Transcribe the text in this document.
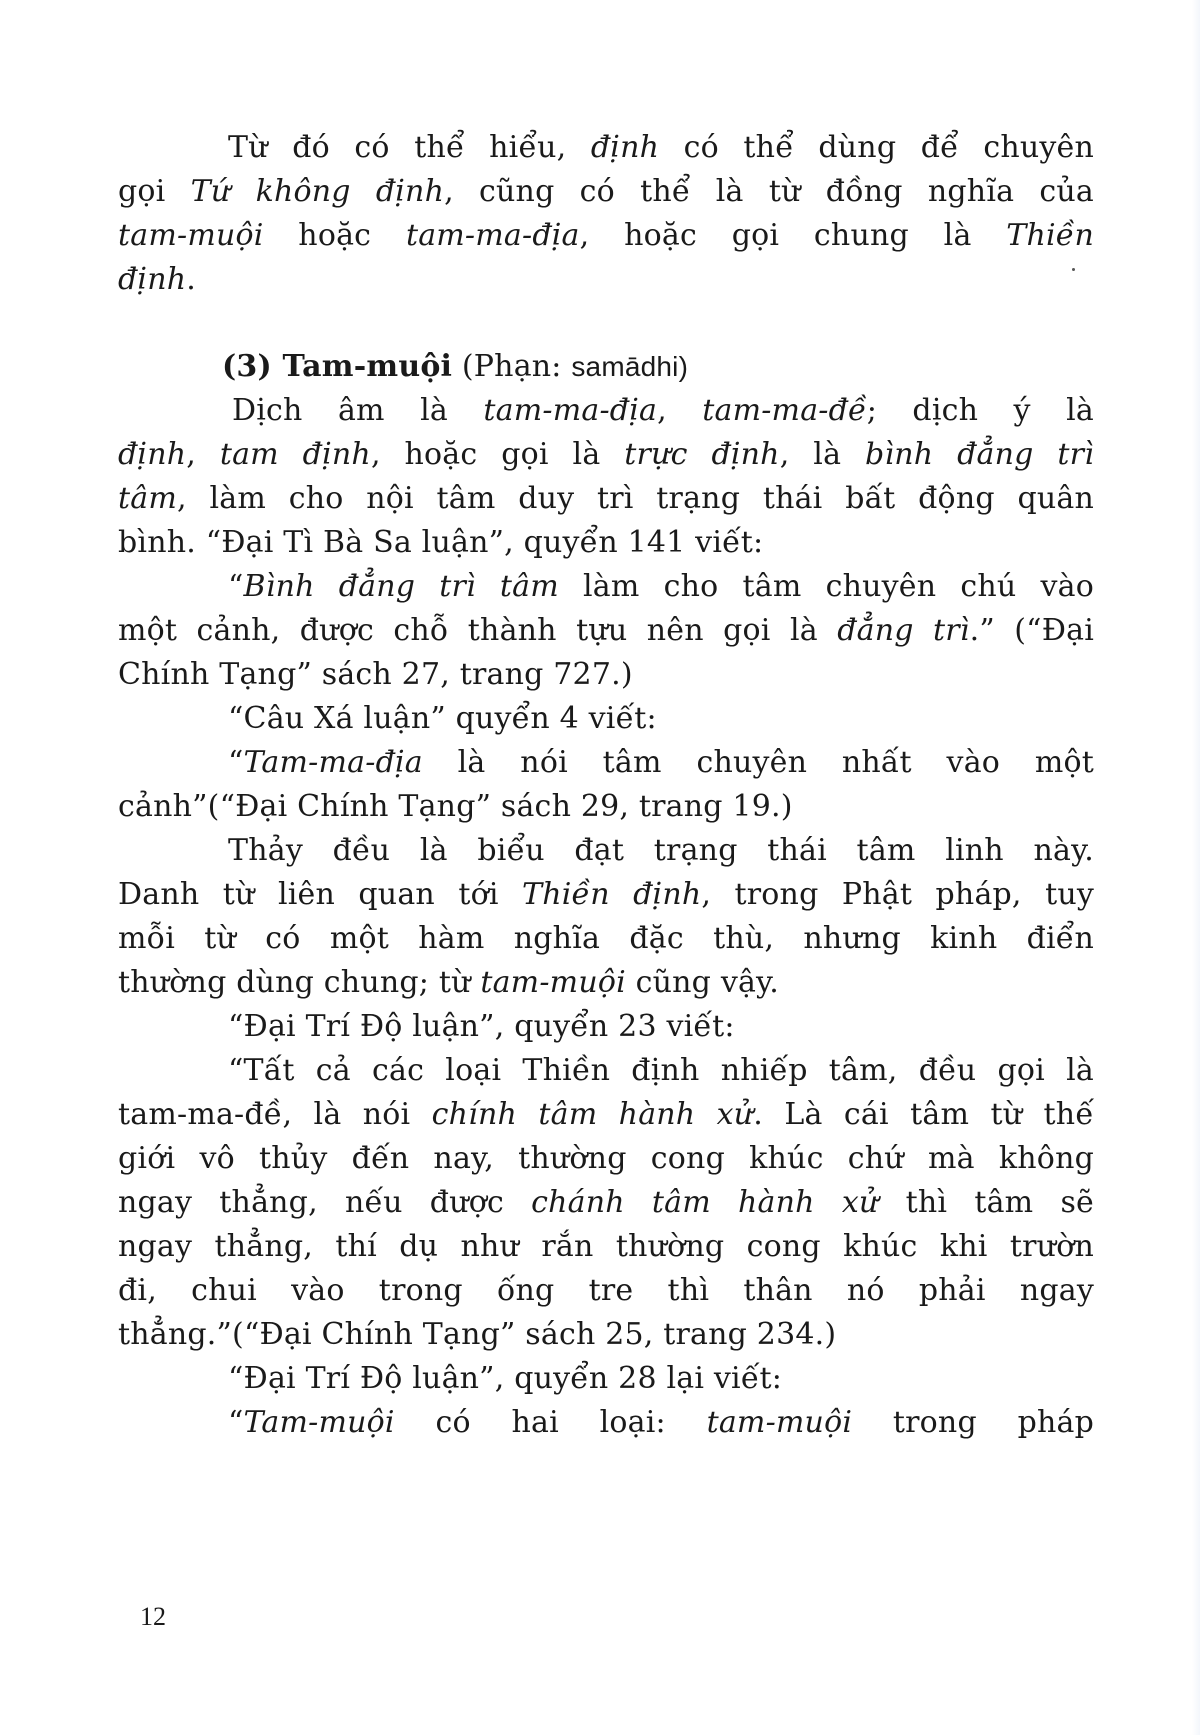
Từ đó có thể hiểu, định có thể dùng để chuyên
gọi Tứ không định, cũng có thể là từ đồng nghĩa của
tam-muội hoặc tam-ma-địa, hoặc gọi chung là Thiền
định.
(3) Tam-muội (Phạn: samādhi)
Dịch âm là tam-ma-địa, tam-ma-đề; dịch ý là
định, tam định, hoặc gọi là trực định, là bình đẳng trì
tâm, làm cho nội tâm duy trì trạng thái bất động quân
bình. “Đại Tì Bà Sa luận”, quyển 141 viết:
“Bình đẳng trì tâm làm cho tâm chuyên chú vào
một cảnh, được chỗ thành tựu nên gọi là đẳng trì.” (“Đại
Chính Tạng” sách 27, trang 727.)
“Câu Xá luận” quyển 4 viết:
“Tam-ma-địa là nói tâm chuyên nhất vào một
cảnh”(“Đại Chính Tạng” sách 29, trang 19.)
Thảy đều là biểu đạt trạng thái tâm linh này.
Danh từ liên quan tới Thiền định, trong Phật pháp, tuy
mỗi từ có một hàm nghĩa đặc thù, nhưng kinh điển
thường dùng chung; từ tam-muội cũng vậy.
“Đại Trí Độ luận”, quyển 23 viết:
“Tất cả các loại Thiền định nhiếp tâm, đều gọi là
tam-ma-đề, là nói chính tâm hành xử. Là cái tâm từ thế
giới vô thủy đến nay, thường cong khúc chứ mà không
ngay thẳng, nếu được chánh tâm hành xử thì tâm sẽ
ngay thẳng, thí dụ như rắn thường cong khúc khi trườn
đi, chui vào trong ống tre thì thân nó phải ngay
thẳng.”(“Đại Chính Tạng” sách 25, trang 234.)
“Đại Trí Độ luận”, quyển 28 lại viết:
“Tam-muội có hai loại: tam-muội trong pháp
12
